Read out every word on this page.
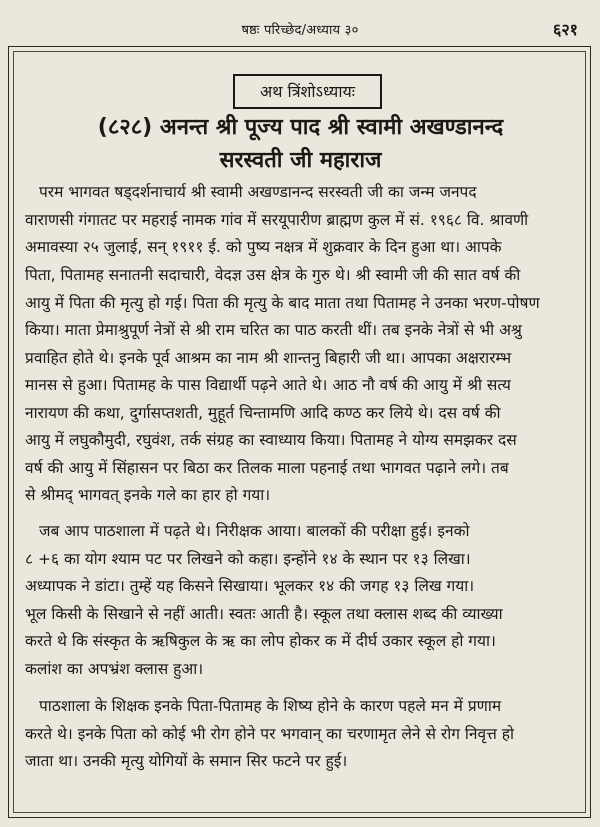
षष्ठः परिच्छेद/अध्याय ३०	६२१
अथ त्रिंशोऽध्यायः
(८२८) अनन्त श्री पूज्य पाद श्री स्वामी अखण्डानन्द
सरस्वती जी महाराज

परम भागवत षड्दर्शनाचार्य श्री स्वामी अखण्डानन्द सरस्वती जी का जन्म जनपद

वाराणसी गंगातट पर महराई नामक गांव में सरयूपारीण ब्राह्मण कुल में सं. १९६८ वि. श्रावणी

अमावस्या २५ जुलाई, सन् १९११ ई. को पुष्य नक्षत्र में शुक्रवार के दिन हुआ था। आपके

पिता, पितामह सनातनी सदाचारी, वेदज्ञ उस क्षेत्र के गुरु थे। श्री स्वामी जी की सात वर्ष की

आयु में पिता की मृत्यु हो गई। पिता की मृत्यु के बाद माता तथा पितामह ने उनका भरण-पोषण

किया। माता प्रेमाश्रुपूर्ण नेत्रों से श्री राम चरित का पाठ करती थीं। तब इनके नेत्रों से भी अश्रु

प्रवाहित होते थे। इनके पूर्व आश्रम का नाम श्री शान्तनु बिहारी जी था। आपका अक्षरारम्भ

मानस से हुआ। पितामह के पास विद्यार्थी पढ़ने आते थे। आठ नौ वर्ष की आयु में श्री सत्य

नारायण की कथा, दुर्गासप्तशती, मुहूर्त चिन्तामणि आदि कण्ठ कर लिये थे। दस वर्ष की

आयु में लघुकौमुदी, रघुवंश, तर्क संग्रह का स्वाध्याय किया। पितामह ने योग्य समझकर दस

वर्ष की आयु में सिंहासन पर बिठा कर तिलक माला पहनाई तथा भागवत पढ़ाने लगे। तब

से श्रीमद् भागवत् इनके गले का हार हो गया।

जब आप पाठशाला में पढ़ते थे। निरीक्षक आया। बालकों की परीक्षा हुई। इनको

८ +६ का योग श्याम पट पर लिखने को कहा। इन्होंने १४ के स्थान पर १३ लिखा।

अध्यापक ने डांटा। तुम्हें यह किसने सिखाया। भूलकर १४ की जगह १३ लिख गया।

भूल किसी के सिखाने से नहीं आती। स्वतः आती है। स्कूल तथा क्लास शब्द की व्याख्या

करते थे कि संस्कृत के ऋषिकुल के ऋ का लोप होकर क में दीर्घ उकार स्कूल हो गया।

कलांश का अपभ्रंश क्लास हुआ।

पाठशाला के शिक्षक इनके पिता-पितामह के शिष्य होने के कारण पहले मन में प्रणाम

करते थे। इनके पिता को कोई भी रोग होने पर भगवान् का चरणामृत लेने से रोग निवृत्त हो

जाता था। उनकी मृत्यु योगियों के समान सिर फटने पर हुई।
